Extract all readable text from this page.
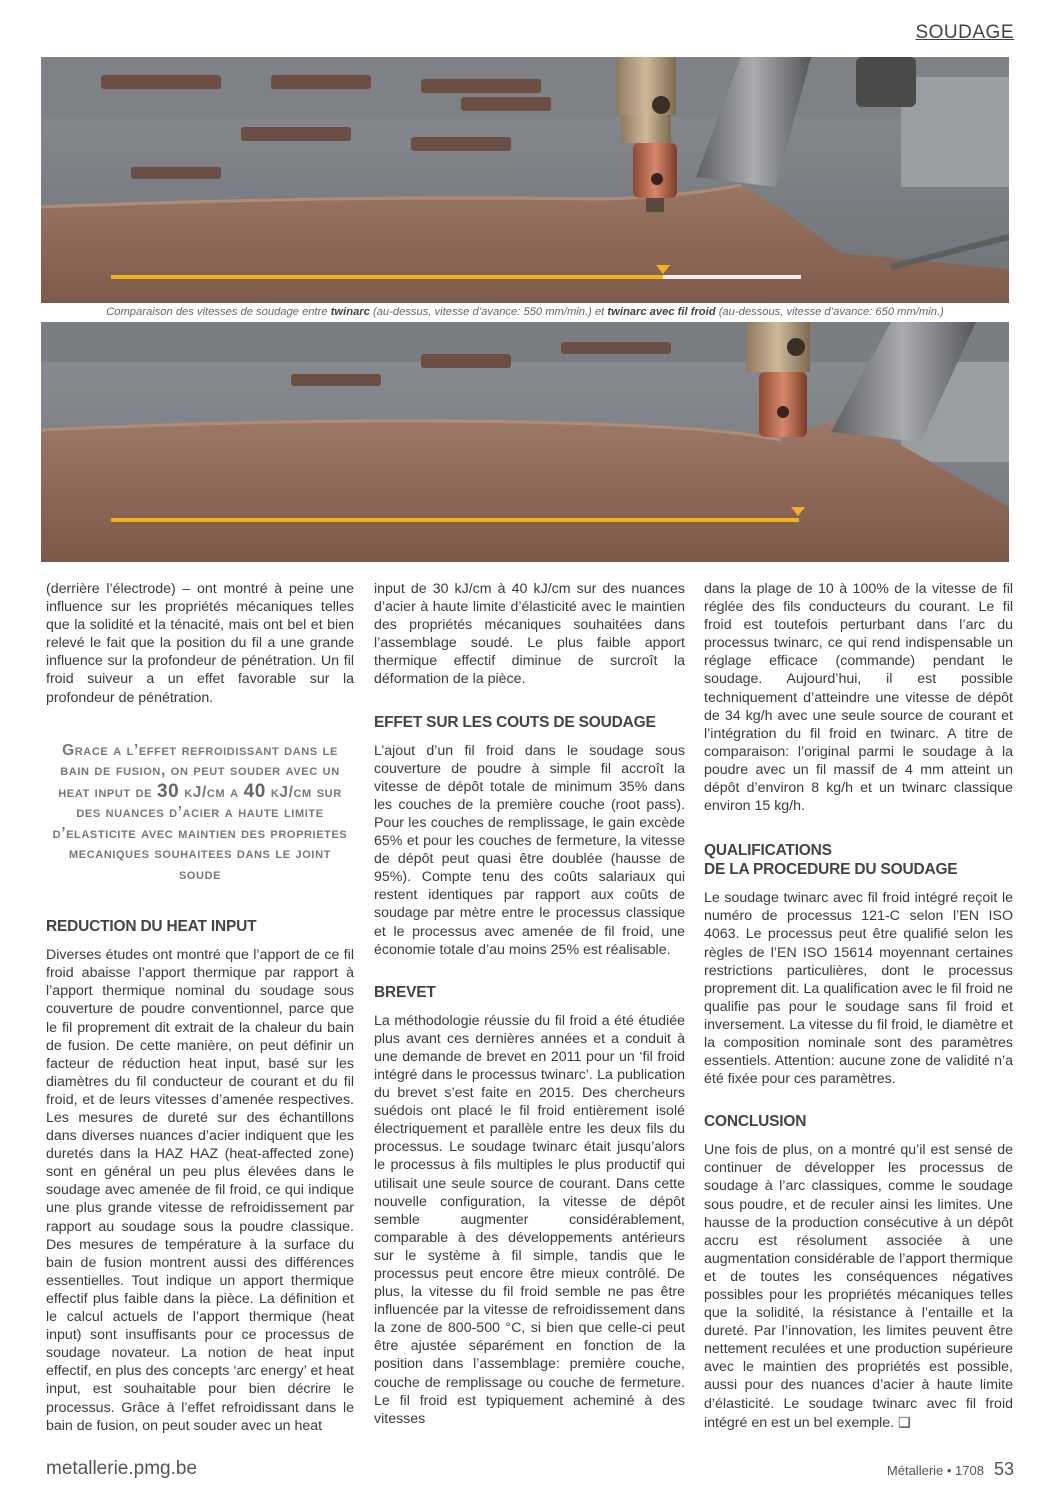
SOUDAGE
Comparaison des vitesses de soudage entre twinarc (au-dessus, vitesse d’avance: 550 mm/min.) et twinarc avec fil froid (au-dessous, vitesse d’avance: 650 mm/min.)

(derrière l’électrode) – ont montré à peine une influence sur les propriétés mécaniques telles que la solidité et la ténacité, mais ont bel et bien relevé le fait que la position du fil a une grande influence sur la profondeur de pénétration. Un fil froid suiveur a un effet favorable sur la profondeur de pénétration.

Grace a l’effet refroidissant dans le bain de fusion, on peut souder avec un heat input de 30 kJ/cm a 40 kJ/cm sur des nuances d’acier a haute limite d’elasticite avec maintien des proprietes mecaniques souhaitees dans le joint soude

REDUCTION DU HEAT INPUT

Diverses études ont montré que l’apport de ce fil froid abaisse l’apport thermique par rapport à l’apport thermique nominal du soudage sous couverture de poudre conventionnel, parce que le fil proprement dit extrait de la chaleur du bain de fusion. De cette manière, on peut définir un facteur de réduction heat input, basé sur les diamètres du fil conducteur de courant et du fil froid, et de leurs vitesses d’amenée respectives. Les mesures de dureté sur des échantillons dans diverses nuances d’acier indiquent que les duretés dans la HAZ HAZ (heat-affected zone) sont en général un peu plus élevées dans le soudage avec amenée de fil froid, ce qui indique une plus grande vitesse de refroidissement par rapport au soudage sous la poudre classique. Des mesures de température à la surface du bain de fusion montrent aussi des différences essentielles. Tout indique un apport thermique effectif plus faible dans la pièce. La définition et le calcul actuels de l’apport thermique (heat input) sont insuffisants pour ce processus de soudage novateur. La notion de heat input effectif, en plus des concepts ‘arc energy’ et heat input, est souhaitable pour bien décrire le processus. Grâce à l’effet refroidissant dans le bain de fusion, on peut souder avec un heat

input de 30 kJ/cm à 40 kJ/cm sur des nuances d’acier à haute limite d’élasticité avec le maintien des propriétés mécaniques souhaitées dans l’assemblage soudé. Le plus faible apport thermique effectif diminue de surcroît la déformation de la pièce.

EFFET SUR LES COUTS DE SOUDAGE

L’ajout d’un fil froid dans le soudage sous couverture de poudre à simple fil accroît la vitesse de dépôt totale de minimum 35% dans les couches de la première couche (root pass). Pour les couches de remplissage, le gain excède 65% et pour les couches de fermeture, la vitesse de dépôt peut quasi être doublée (hausse de 95%). Compte tenu des coûts salariaux qui restent identiques par rapport aux coûts de soudage par mètre entre le processus classique et le processus avec amenée de fil froid, une économie totale d’au moins 25% est réalisable.

BREVET

La méthodologie réussie du fil froid a été étudiée plus avant ces dernières années et a conduit à une demande de brevet en 2011 pour un ‘fil froid intégré dans le processus twinarc’. La publication du brevet s’est faite en 2015. Des chercheurs suédois ont placé le fil froid entièrement isolé électriquement et parallèle entre les deux fils du processus. Le soudage twinarc était jusqu’alors le processus à fils multiples le plus productif qui utilisait une seule source de courant. Dans cette nouvelle configuration, la vitesse de dépôt semble augmenter considérablement, comparable à des développements antérieurs sur le système à fil simple, tandis que le processus peut encore être mieux contrôlé. De plus, la vitesse du fil froid semble ne pas être influencée par la vitesse de refroidissement dans la zone de 800-500 °C, si bien que celle-ci peut être ajustée séparément en fonction de la position dans l’assemblage: première couche, couche de remplissage ou couche de fermeture. Le fil froid est typiquement acheminé à des vitesses

dans la plage de 10 à 100% de la vitesse de fil réglée des fils conducteurs du courant. Le fil froid est toutefois perturbant dans l’arc du processus twinarc, ce qui rend indispensable un réglage efficace (commande) pendant le soudage. Aujourd’hui, il est possible techniquement d’atteindre une vitesse de dépôt de 34 kg/h avec une seule source de courant et l’intégration du fil froid en twinarc. A titre de comparaison: l’original parmi le soudage à la poudre avec un fil massif de 4 mm atteint un dépôt d’environ 8 kg/h et un twinarc classique environ 15 kg/h.

QUALIFICATIONS
DE LA PROCEDURE DU SOUDAGE

Le soudage twinarc avec fil froid intégré reçoit le numéro de processus 121-C selon l’EN ISO 4063. Le processus peut être qualifié selon les règles de l’EN ISO 15614 moyennant certaines restrictions particulières, dont le processus proprement dit. La qualification avec le fil froid ne qualifie pas pour le soudage sans fil froid et inversement. La vitesse du fil froid, le diamètre et la composition nominale sont des paramètres essentiels. Attention: aucune zone de validité n’a été fixée pour ces paramètres.

CONCLUSION

Une fois de plus, on a montré qu’il est sensé de continuer de développer les processus de soudage à l’arc classiques, comme le soudage sous poudre, et de reculer ainsi les limites. Une hausse de la production consécutive à un dépôt accru est résolument associée à une augmentation considérable de l’apport thermique et de toutes les conséquences négatives possibles pour les propriétés mécaniques telles que la solidité, la résistance à l’entaille et la dureté. Par l’innovation, les limites peuvent être nettement reculées et une production supérieure avec le maintien des propriétés est possible, aussi pour des nuances d’acier à haute limite d’élasticité. Le soudage twinarc avec fil froid intégré en est un bel exemple. ❑

metallerie.pmg.be	Métallerie • 1708 53
